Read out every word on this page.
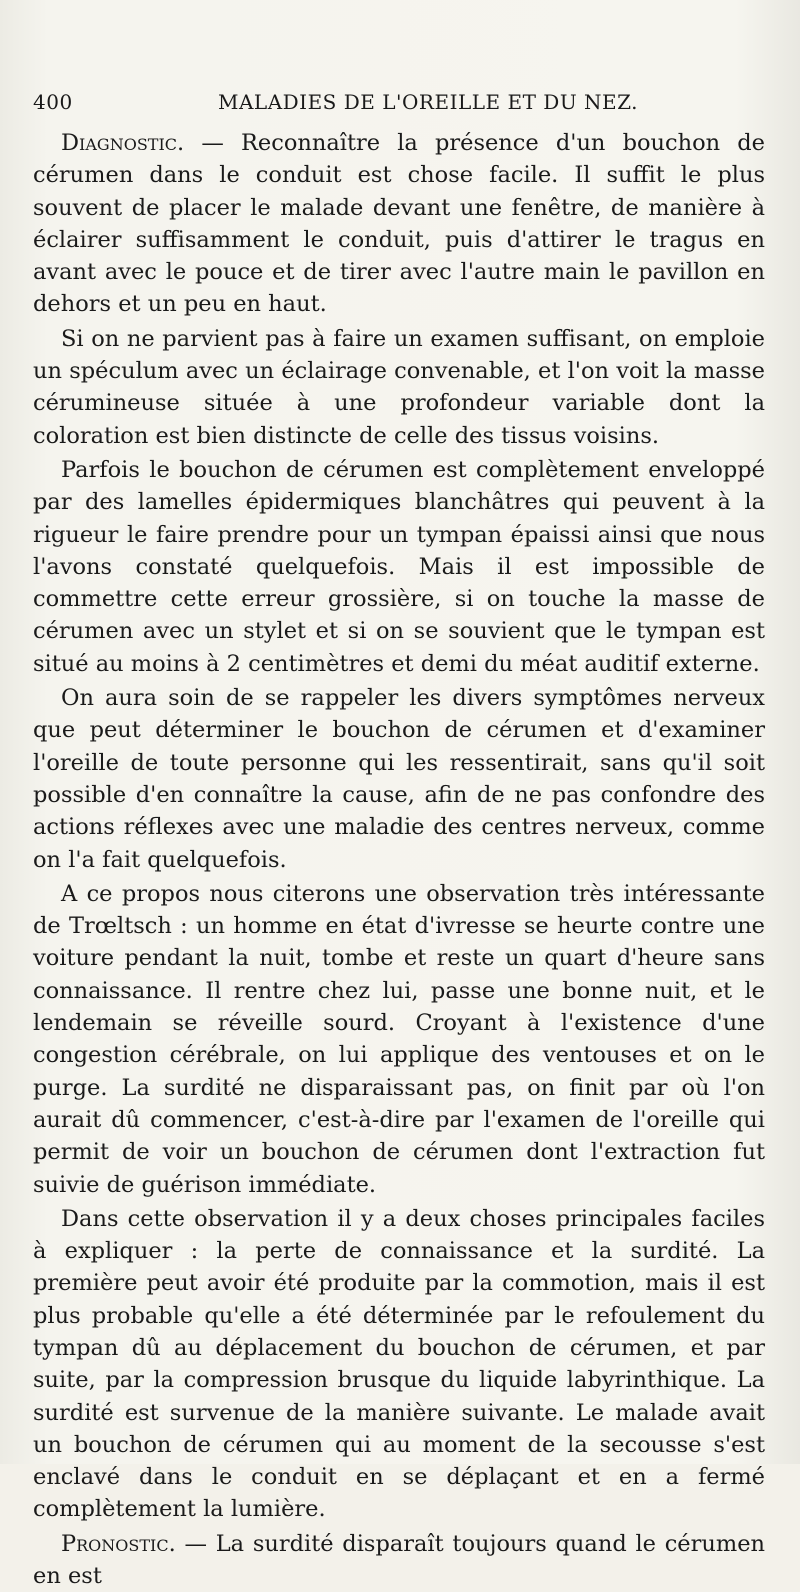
400	MALADIES DE L'OREILLE ET DU NEZ.

Diagnostic. — Reconnaître la présence d'un bouchon de cérumen dans le conduit est chose facile. Il suffit le plus souvent de placer le malade devant une fenêtre, de manière à éclairer suffisamment le conduit, puis d'attirer le tragus en avant avec le pouce et de tirer avec l'autre main le pavillon en dehors et un peu en haut.

Si on ne parvient pas à faire un examen suffisant, on emploie un spéculum avec un éclairage convenable, et l'on voit la masse cérumineuse située à une profondeur variable dont la coloration est bien distincte de celle des tissus voisins.

Parfois le bouchon de cérumen est complètement enveloppé par des lamelles épidermiques blanchâtres qui peuvent à la rigueur le faire prendre pour un tympan épaissi ainsi que nous l'avons constaté quelquefois. Mais il est impossible de commettre cette erreur grossière, si on touche la masse de cérumen avec un stylet et si on se souvient que le tympan est situé au moins à 2 centimètres et demi du méat auditif externe.

On aura soin de se rappeler les divers symptômes nerveux que peut déterminer le bouchon de cérumen et d'examiner l'oreille de toute personne qui les ressentirait, sans qu'il soit possible d'en connaître la cause, afin de ne pas confondre des actions réflexes avec une maladie des centres nerveux, comme on l'a fait quelquefois.

A ce propos nous citerons une observation très intéressante de Trœltsch : un homme en état d'ivresse se heurte contre une voiture pendant la nuit, tombe et reste un quart d'heure sans connaissance. Il rentre chez lui, passe une bonne nuit, et le lendemain se réveille sourd. Croyant à l'existence d'une congestion cérébrale, on lui applique des ventouses et on le purge. La surdité ne disparaissant pas, on finit par où l'on aurait dû commencer, c'est-à-dire par l'examen de l'oreille qui permit de voir un bouchon de cérumen dont l'extraction fut suivie de guérison immédiate.

Dans cette observation il y a deux choses principales faciles à expliquer : la perte de connaissance et la surdité. La première peut avoir été produite par la commotion, mais il est plus probable qu'elle a été déterminée par le refoulement du tympan dû au déplacement du bouchon de cérumen, et par suite, par la compression brusque du liquide labyrinthique. La surdité est survenue de la manière suivante. Le malade avait un bouchon de cérumen qui au moment de la secousse s'est enclavé dans le conduit en se déplaçant et en a fermé complètement la lumière.

Pronostic. — La surdité disparaît toujours quand le cérumen en est
